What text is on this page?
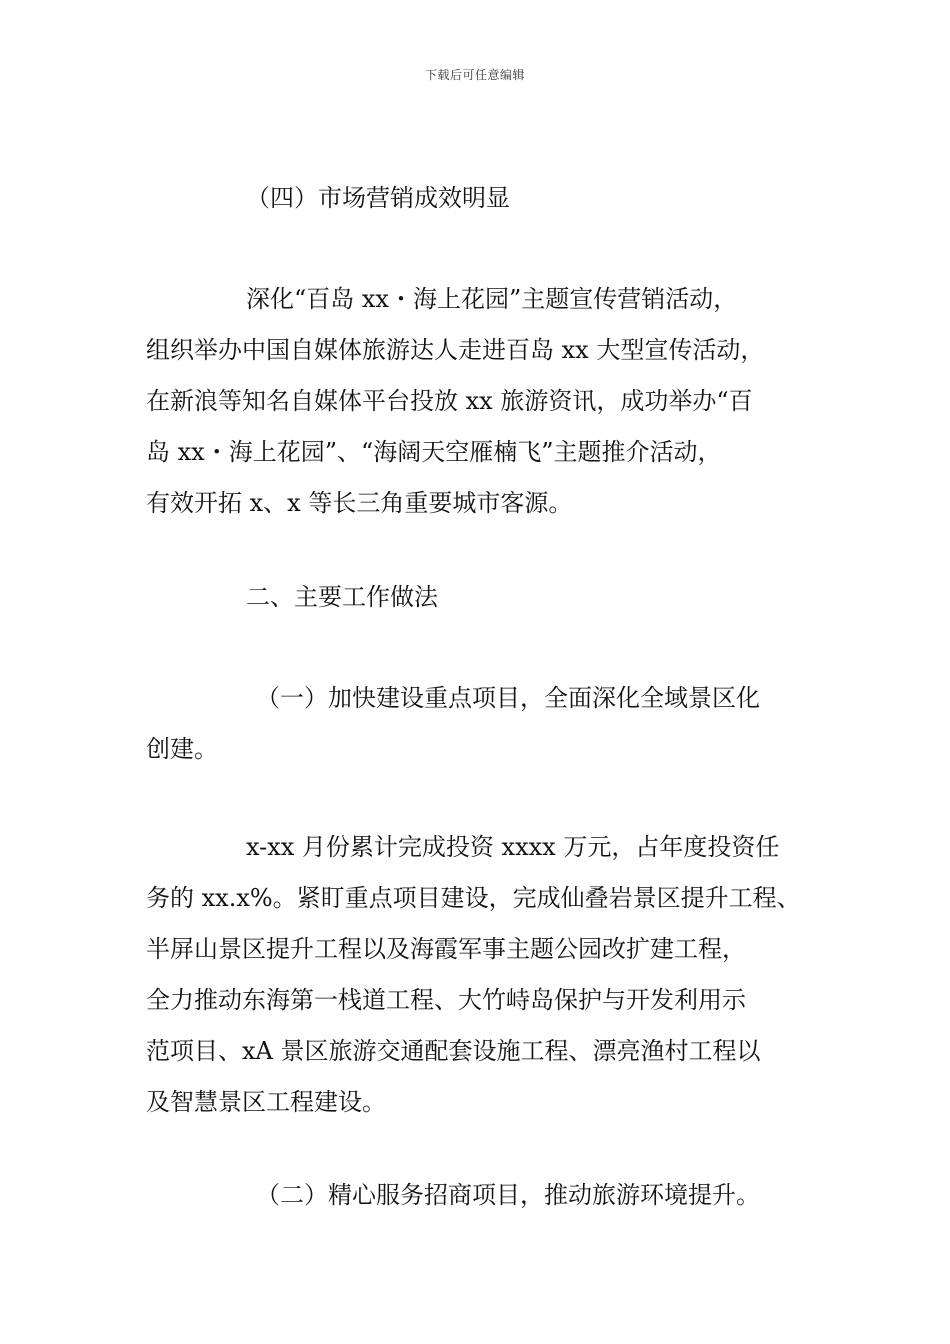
下载后可任意编辑
（四）市场营销成效明显
深化“百岛 xx・海上花园”主题宣传营销活动，
组织举办中国自媒体旅游达人走进百岛 xx 大型宣传活动，
在新浪等知名自媒体平台投放 xx 旅游资讯，成功举办“百
岛 xx・海上花园”、“海阔天空雁楠飞”主题推介活动，
有效开拓 x、x 等长三角重要城市客源。
二、主要工作做法
（一）加快建设重点项目，全面深化全域景区化
创建。
x-xx 月份累计完成投资 xxxx 万元，占年度投资任
务的 xx.x%。紧盯重点项目建设，完成仙叠岩景区提升工程、
半屏山景区提升工程以及海霞军事主题公园改扩建工程，
全力推动东海第一栈道工程、大竹峙岛保护与开发利用示
范项目、xA 景区旅游交通配套设施工程、漂亮渔村工程以
及智慧景区工程建设。
（二）精心服务招商项目，推动旅游环境提升。
